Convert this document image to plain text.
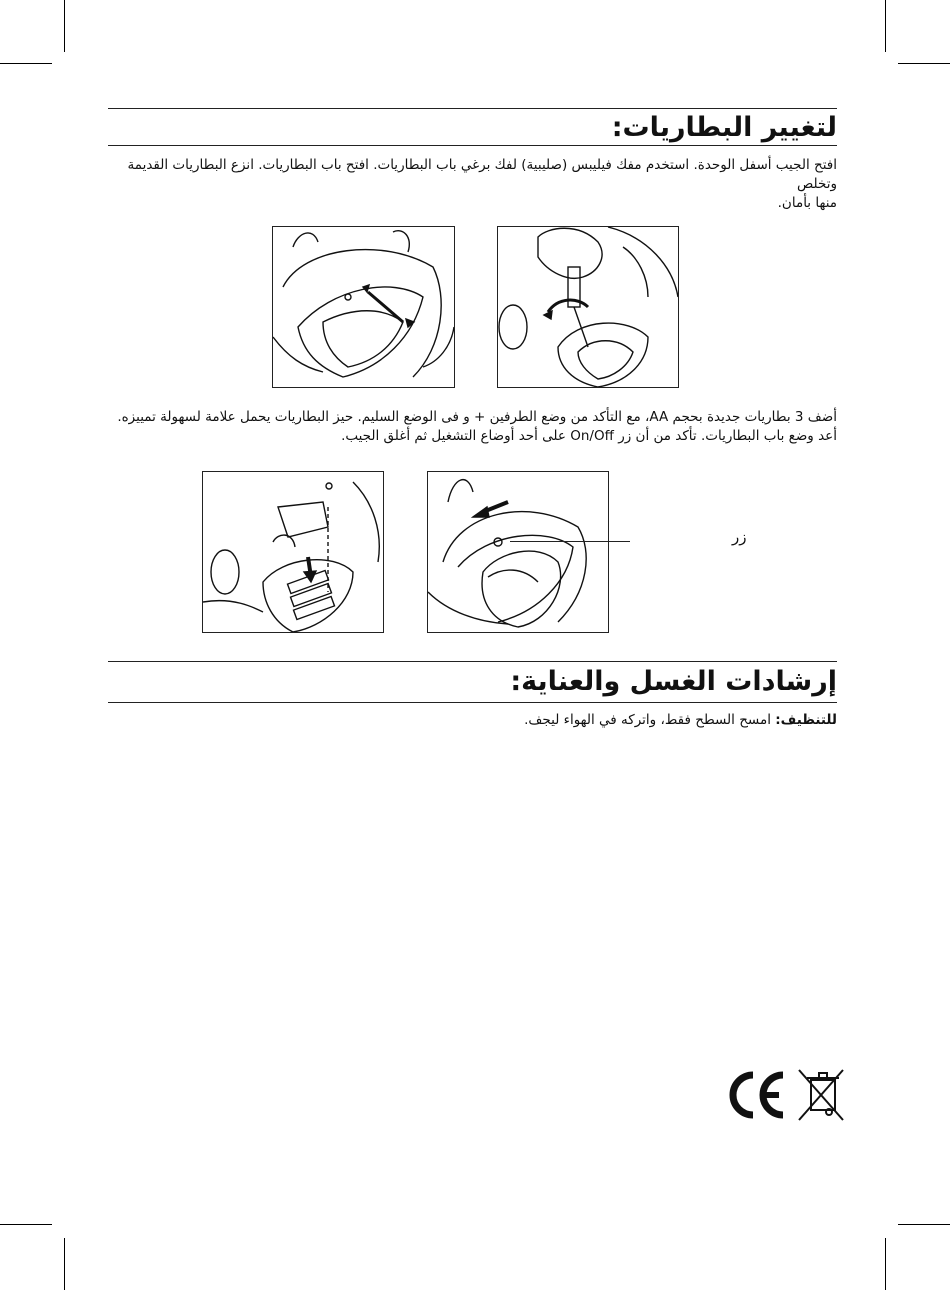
لتغيير البطاريات:

افتح الجيب أسفل الوحدة. استخدم مفك فيليبس (صليبية) لفك برغي باب البطاريات. افتح باب البطاريات. انزع البطاريات القديمة وتخلص

منها بأمان.

أضف 3 بطاريات جديدة بحجم AA، مع التأكد من وضع الطرفين + و فى الوضع السليم. حيز البطاريات يحمل علامة لسهولة تمييزه.

أعد وضع باب البطاريات. تأكد من أن زر On/Off على أحد أوضاع التشغيل ثم أغلق الجيب.

زر
إرشادات الغسل والعناية:

للتنظيف: امسح السطح فقط، واتركه في الهواء ليجف.
